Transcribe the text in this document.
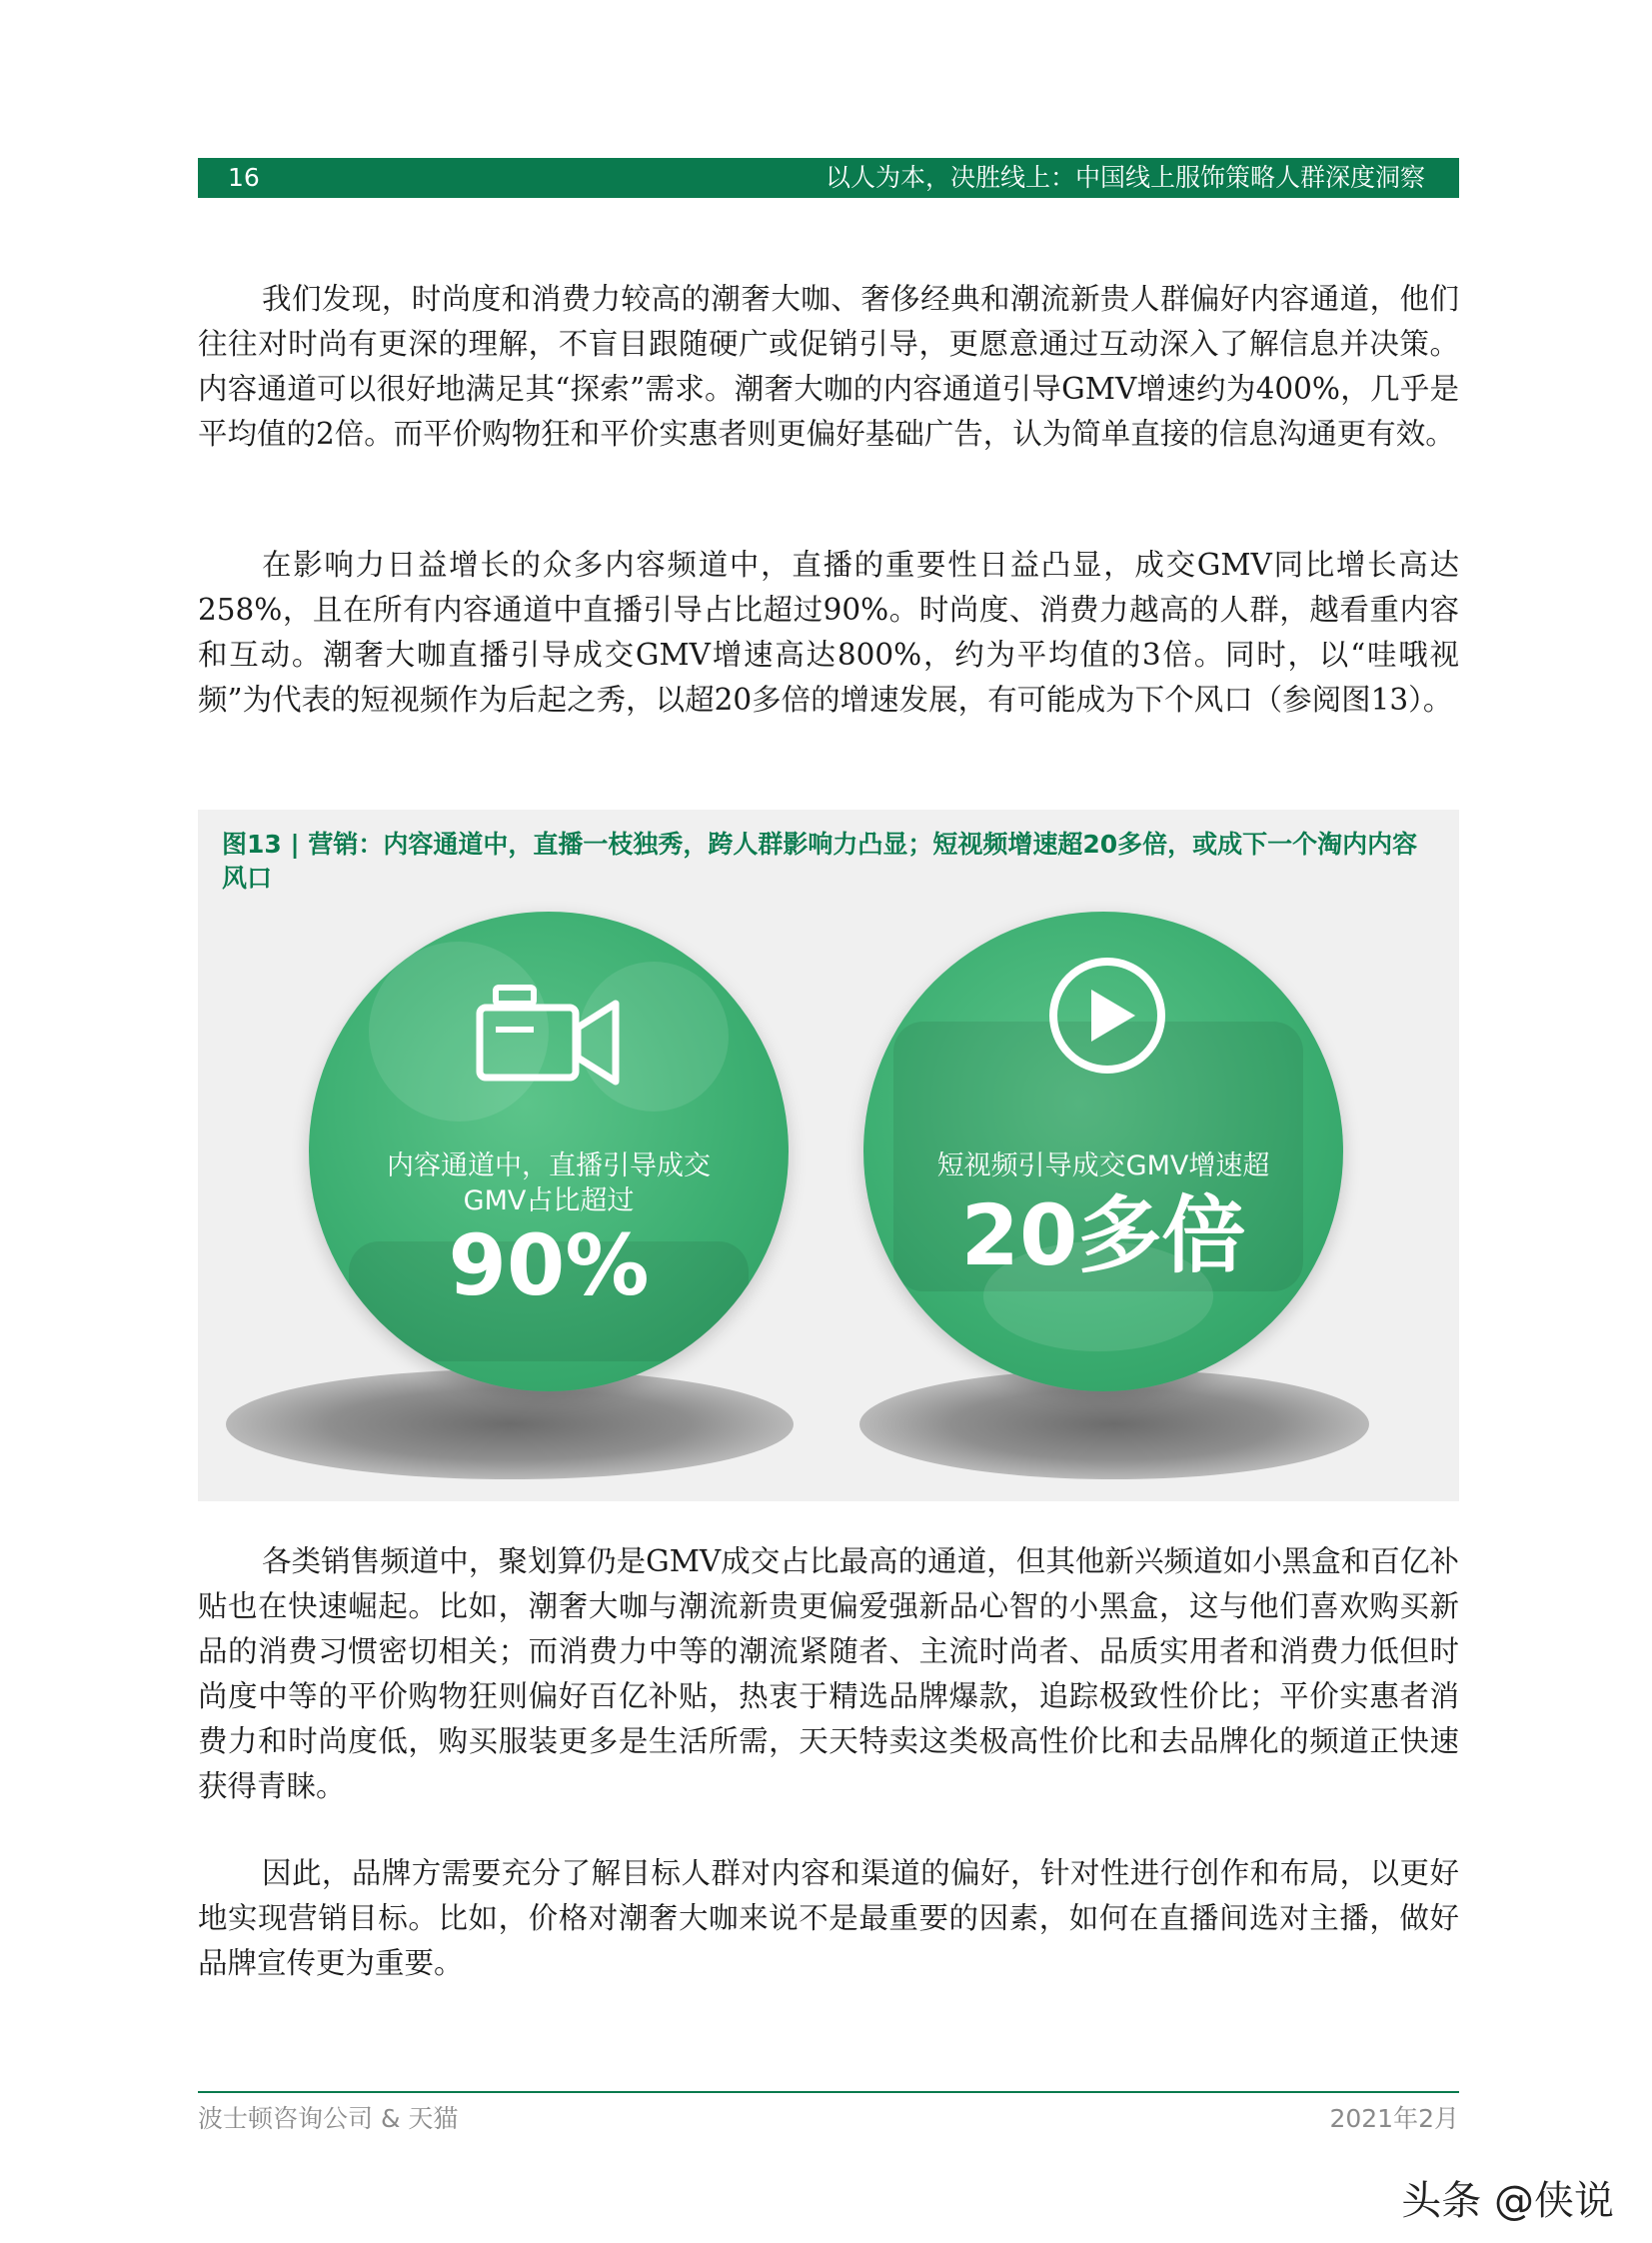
16	以人为本，决胜线上：中国线上服饰策略人群深度洞察

我们发现，时尚度和消费力较高的潮奢大咖、奢侈经典和潮流新贵人群偏好内容通道，他们往往对时尚有更深的理解，不盲目跟随硬广或促销引导，更愿意通过互动深入了解信息并决策。内容通道可以很好地满足其“探索”需求。潮奢大咖的内容通道引导GMV增速约为400%，几乎是平均值的2倍。而平价购物狂和平价实惠者则更偏好基础广告，认为简单直接的信息沟通更有效。

在影响力日益增长的众多内容频道中，直播的重要性日益凸显，成交GMV同比增长高达258%，且在所有内容通道中直播引导占比超过90%。时尚度、消费力越高的人群，越看重内容和互动。潮奢大咖直播引导成交GMV增速高达800%，约为平均值的3倍。同时，以“哇哦视频”为代表的短视频作为后起之秀，以超20多倍的增速发展，有可能成为下个风口（参阅图13）。

图13 | 营销：内容通道中，直播一枝独秀，跨人群影响力凸显；短视频增速超20多倍，或成下一个淘内内容风口

内容通道中，直播引导成交
GMV占比超过
90%
短视频引导成交GMV增速超
20多倍

各类销售频道中，聚划算仍是GMV成交占比最高的通道，但其他新兴频道如小黑盒和百亿补贴也在快速崛起。比如，潮奢大咖与潮流新贵更偏爱强新品心智的小黑盒，这与他们喜欢购买新品的消费习惯密切相关；而消费力中等的潮流紧随者、主流时尚者、品质实用者和消费力低但时尚度中等的平价购物狂则偏好百亿补贴，热衷于精选品牌爆款，追踪极致性价比；平价实惠者消费力和时尚度低，购买服装更多是生活所需，天天特卖这类极高性价比和去品牌化的频道正快速获得青睐。

因此，品牌方需要充分了解目标人群对内容和渠道的偏好，针对性进行创作和布局，以更好地实现营销目标。比如，价格对潮奢大咖来说不是最重要的因素，如何在直播间选对主播，做好品牌宣传更为重要。

波士顿咨询公司 & 天猫	2021年2月
头条 @侠说
